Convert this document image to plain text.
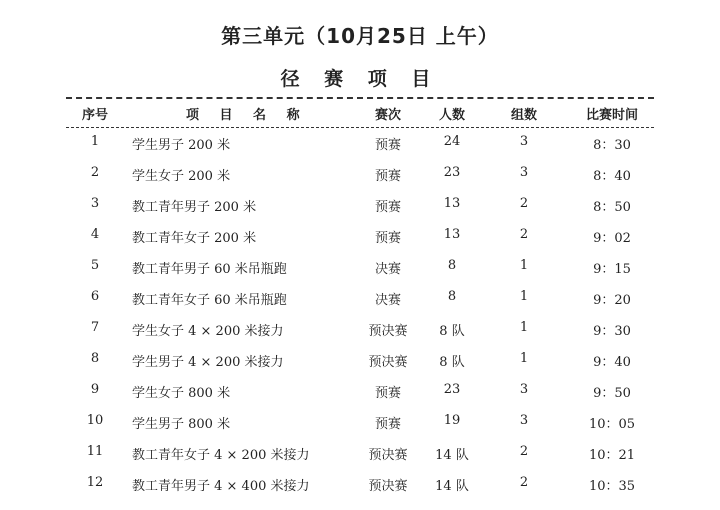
第三单元（10月25日 上午）
径 赛 项 目
序号	项 目 名 称	赛次	人数	组数	比赛时间
1	学生男子 200 米	预赛	24	3	8：30
2	学生女子 200 米	预赛	23	3	8：40
3	教工青年男子 200 米	预赛	13	2	8：50
4	教工青年女子 200 米	预赛	13	2	9：02
5	教工青年男子 60 米吊瓶跑	决赛	8	1	9：15
6	教工青年女子 60 米吊瓶跑	决赛	8	1	9：20
7	学生女子 4 × 200 米接力	预决赛	8 队	1	9：30
8	学生男子 4 × 200 米接力	预决赛	8 队	1	9：40
9	学生女子 800 米	预赛	23	3	9：50
10	学生男子 800 米	预赛	19	3	10：05
11	教工青年女子 4 × 200 米接力	预决赛	14 队	2	10：21
12	教工青年男子 4 × 400 米接力	预决赛	14 队	2	10：35
